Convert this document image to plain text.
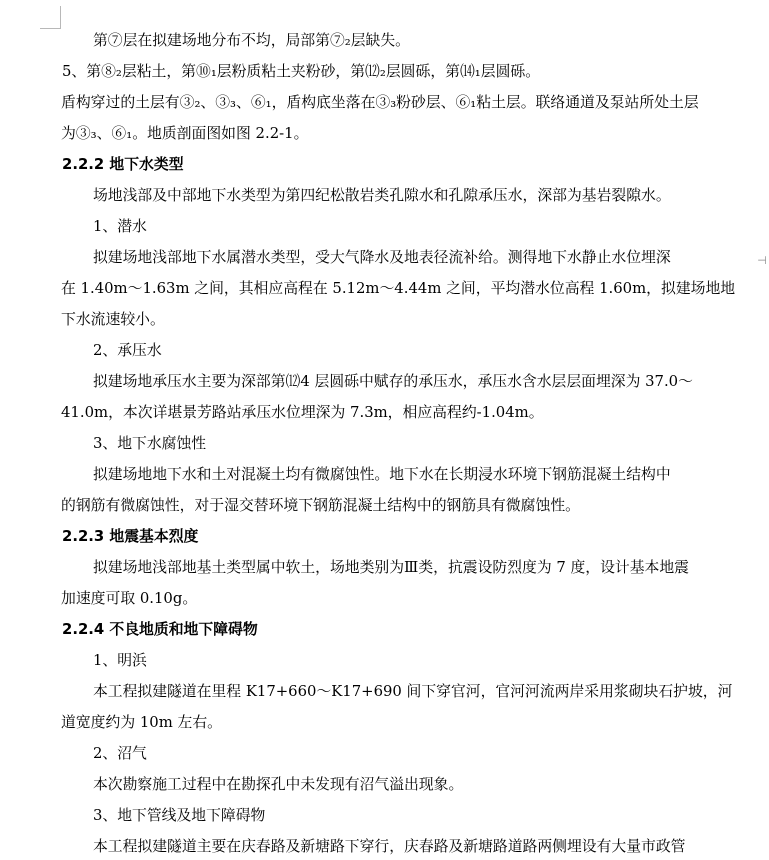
⊣
第⑦层在拟建场地分布不均，局部第⑦₂层缺失。
5、第⑧₂层粘土，第⑩₁层粉质粘土夹粉砂，第⑿₂层圆砾，第⒁₁层圆砾。
盾构穿过的土层有③₂、③₃、⑥₁，盾构底坐落在③₃粉砂层、⑥₁粘土层。联络通道及泵站所处土层
为③₃、⑥₁。地质剖面图如图 2.2-1。
2.2.2 地下水类型
场地浅部及中部地下水类型为第四纪松散岩类孔隙水和孔隙承压水，深部为基岩裂隙水。
1、潜水
拟建场地浅部地下水属潜水类型，受大气降水及地表径流补给。测得地下水静止水位埋深
在 1.40m～1.63m 之间，其相应高程在 5.12m～4.44m 之间，平均潜水位高程 1.60m，拟建场地地
下水流速较小。
2、承压水
拟建场地承压水主要为深部第⑿4 层圆砾中赋存的承压水，承压水含水层层面埋深为 37.0～
41.0m，本次详堪景芳路站承压水位埋深为 7.3m，相应高程约-1.04m。
3、地下水腐蚀性
拟建场地地下水和土对混凝土均有微腐蚀性。地下水在长期浸水环境下钢筋混凝土结构中
的钢筋有微腐蚀性，对于湿交替环境下钢筋混凝土结构中的钢筋具有微腐蚀性。
2.2.3 地震基本烈度
拟建场地浅部地基土类型属中软土，场地类别为Ⅲ类，抗震设防烈度为 7 度，设计基本地震
加速度可取 0.10g。
2.2.4 不良地质和地下障碍物
1、明浜
本工程拟建隧道在里程 K17+660～K17+690 间下穿官河，官河河流两岸采用浆砌块石护坡，河
道宽度约为 10m 左右。
2、沼气
本次勘察施工过程中在勘探孔中未发现有沼气溢出现象。
3、地下管线及地下障碍物
本工程拟建隧道主要在庆春路及新塘路下穿行，庆春路及新塘路道路两侧埋设有大量市政管
